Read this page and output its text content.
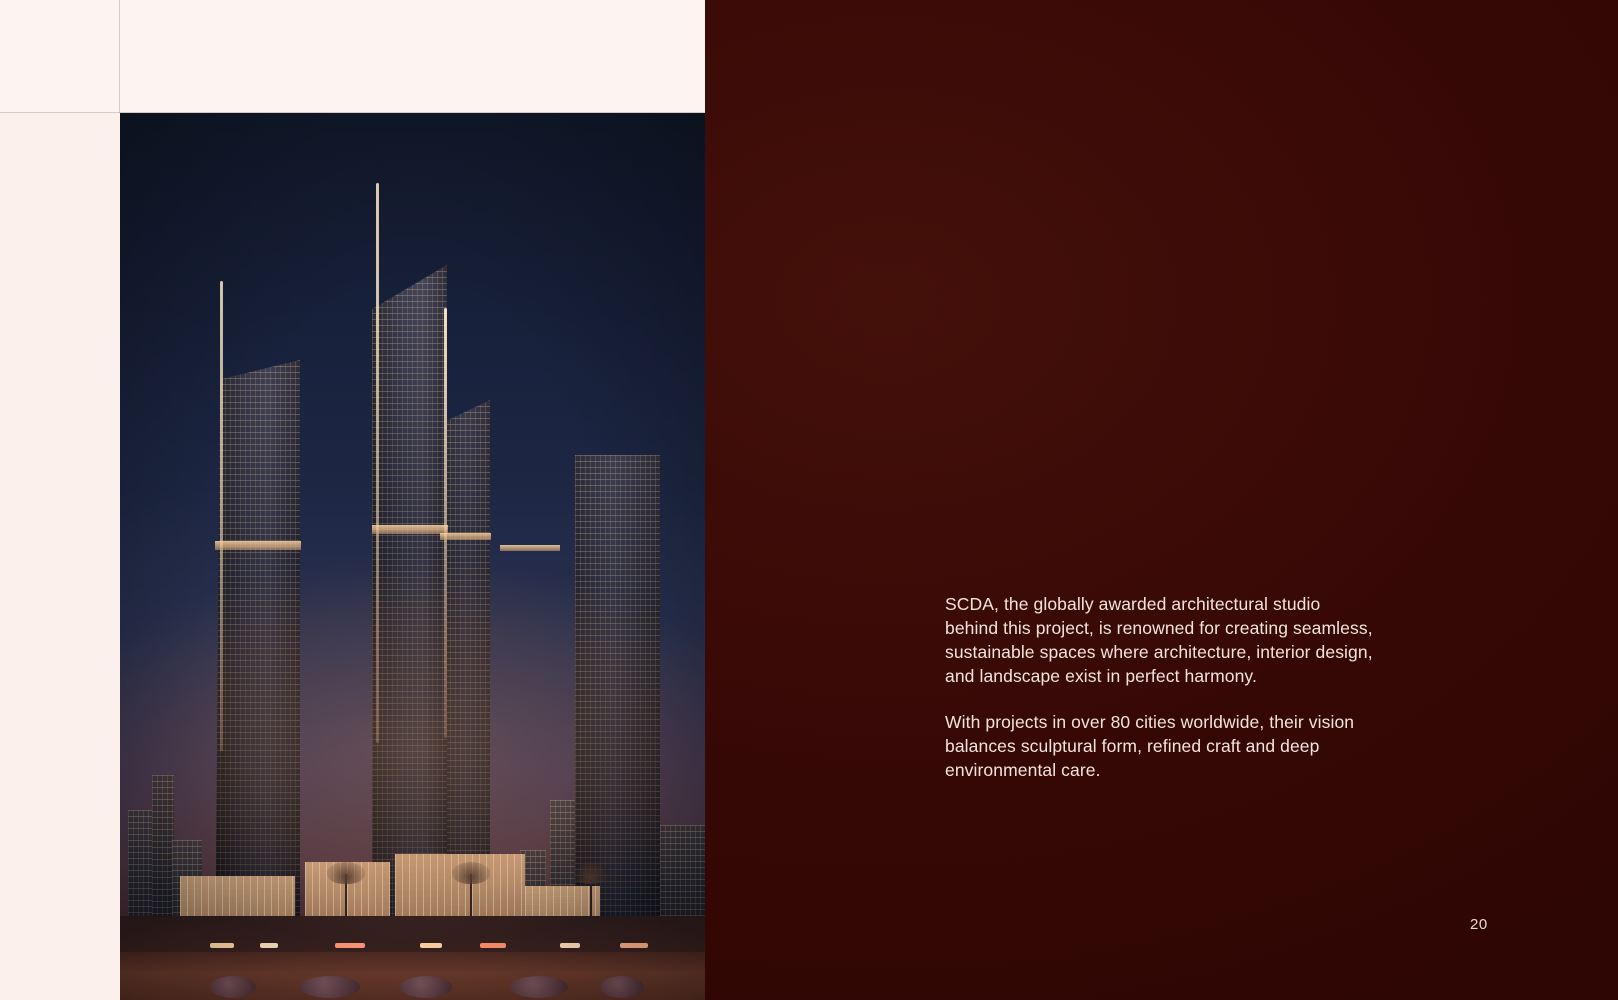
SCDA, the globally awarded architectural studio behind this project, is renowned for creating seamless, sustainable spaces where architecture, interior design, and landscape exist in perfect harmony.

With projects in over 80 cities worldwide, their vision balances sculptural form, refined craft and deep environmental care.

20
